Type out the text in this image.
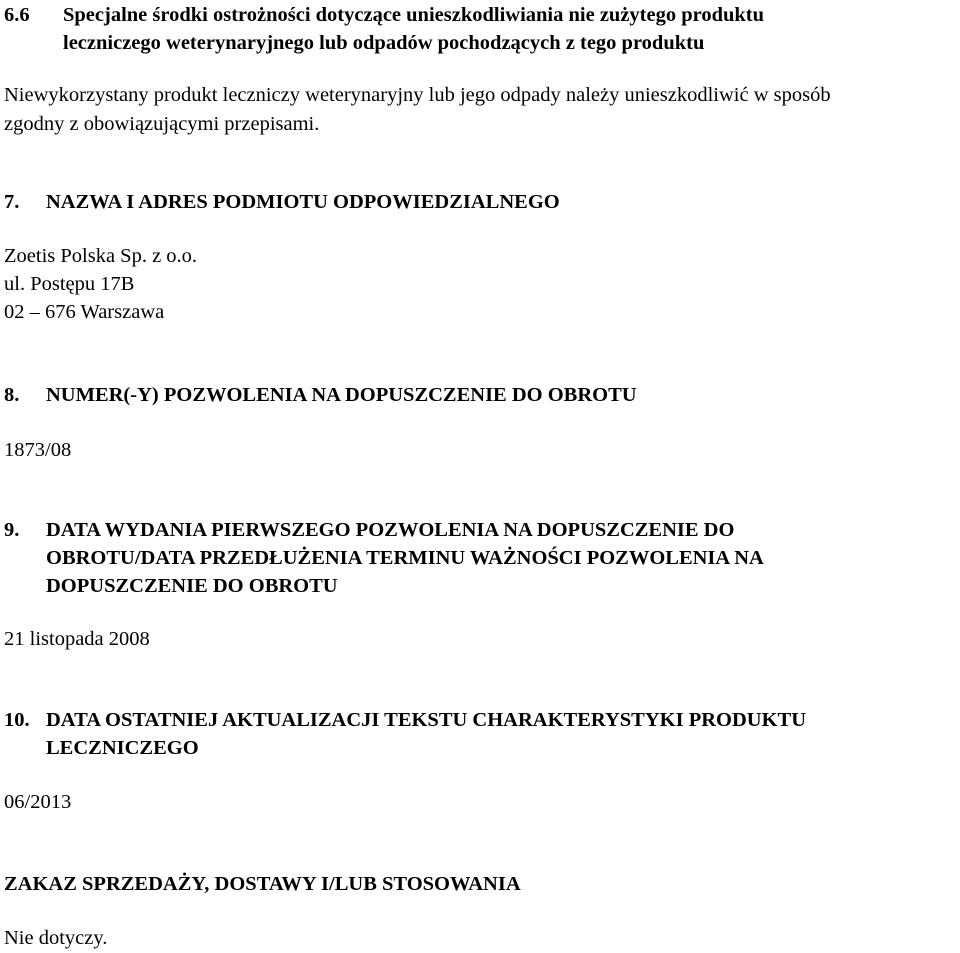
6.6 Specjalne środki ostrożności dotyczące unieszkodliwiania nie zużytego produktu
leczniczego weterynaryjnego lub odpadów pochodzących z tego produktu
Niewykorzystany produkt leczniczy weterynaryjny lub jego odpady należy unieszkodliwić w sposób
zgodny z obowiązującymi przepisami.
7. NAZWA I ADRES PODMIOTU ODPOWIEDZIALNEGO
Zoetis Polska Sp. z o.o.
ul. Postępu 17B
02 – 676 Warszawa
8. NUMER(-Y) POZWOLENIA NA DOPUSZCZENIE DO OBROTU
1873/08
9. DATA WYDANIA PIERWSZEGO POZWOLENIA NA DOPUSZCZENIE DO
OBROTU/DATA PRZEDŁUŻENIA TERMINU WAŻNOŚCI POZWOLENIA NA
DOPUSZCZENIE DO OBROTU
21 listopada 2008
10. DATA OSTATNIEJ AKTUALIZACJI TEKSTU CHARAKTERYSTYKI PRODUKTU
LECZNICZEGO
06/2013
ZAKAZ SPRZEDAŻY, DOSTAWY I/LUB STOSOWANIA
Nie dotyczy.
